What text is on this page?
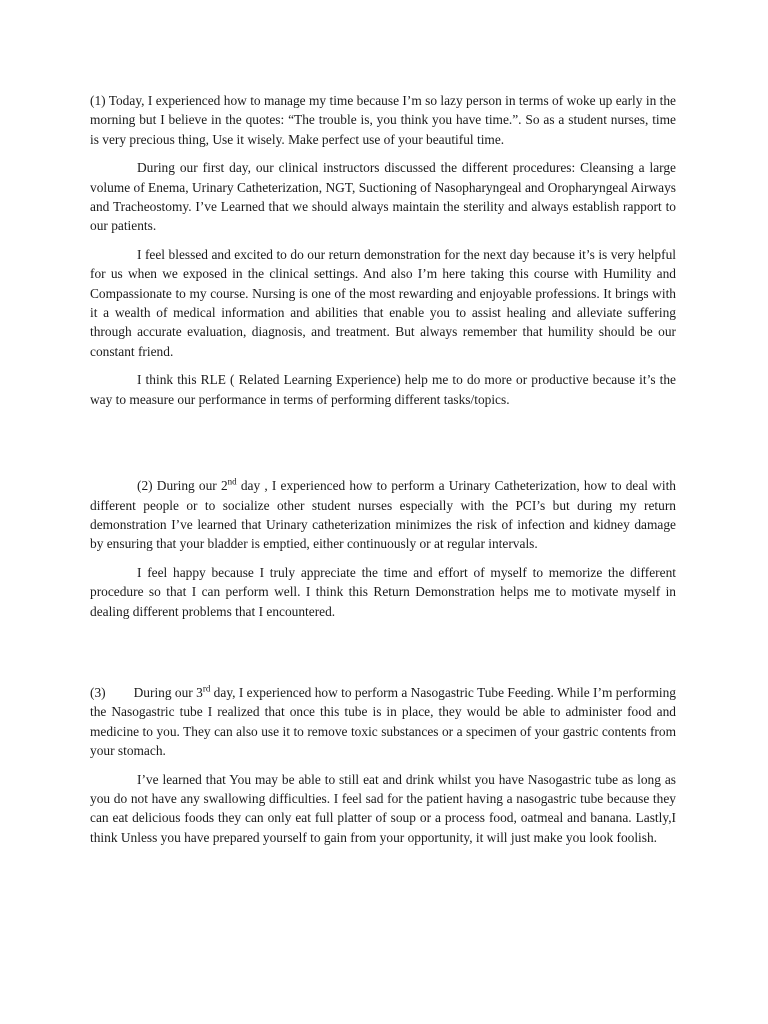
(1) Today, I experienced how to manage my time because I’m so lazy person in terms of woke up early in the morning but I believe in the quotes: “The trouble is, you think you have time.”. So as a student nurses, time is very precious thing, Use it wisely. Make perfect use of your beautiful time.

During our first day, our clinical instructors discussed the different procedures: Cleansing a large volume of Enema, Urinary Catheterization, NGT, Suctioning of Nasopharyngeal and Oropharyngeal Airways and Tracheostomy. I’ve Learned that we should always maintain the sterility and always establish rapport to our patients.

I feel blessed and excited to do our return demonstration for the next day because it’s is very helpful for us when we exposed in the clinical settings. And also I’m here taking this course with Humility and Compassionate to my course. Nursing is one of the most rewarding and enjoyable professions. It brings with it a wealth of medical information and abilities that enable you to assist healing and alleviate suffering through accurate evaluation, diagnosis, and treatment. But always remember that humility should be our constant friend.

I think this RLE ( Related Learning Experience) help me to do more or productive because it’s the way to measure our performance in terms of performing different tasks/topics.

(2) During our 2nd day , I experienced how to perform a Urinary Catheterization, how to deal with different people or to socialize other student nurses especially with the PCI’s but during my return demonstration I’ve learned that Urinary catheterization minimizes the risk of infection and kidney damage by ensuring that your bladder is emptied, either continuously or at regular intervals.

I feel happy because I truly appreciate the time and effort of myself to memorize the different procedure so that I can perform well. I think this Return Demonstration helps me to motivate myself in dealing different problems that I encountered.

(3) During our 3rd day, I experienced how to perform a Nasogastric Tube Feeding. While I’m performing the Nasogastric tube I realized that once this tube is in place, they would be able to administer food and medicine to you. They can also use it to remove toxic substances or a specimen of your gastric contents from your stomach.

I’ve learned that You may be able to still eat and drink whilst you have Nasogastric tube as long as you do not have any swallowing difficulties. I feel sad for the patient having a nasogastric tube because they can eat delicious foods they can only eat full platter of soup or a process food, oatmeal and banana. Lastly,I think Unless you have prepared yourself to gain from your opportunity, it will just make you look foolish.
